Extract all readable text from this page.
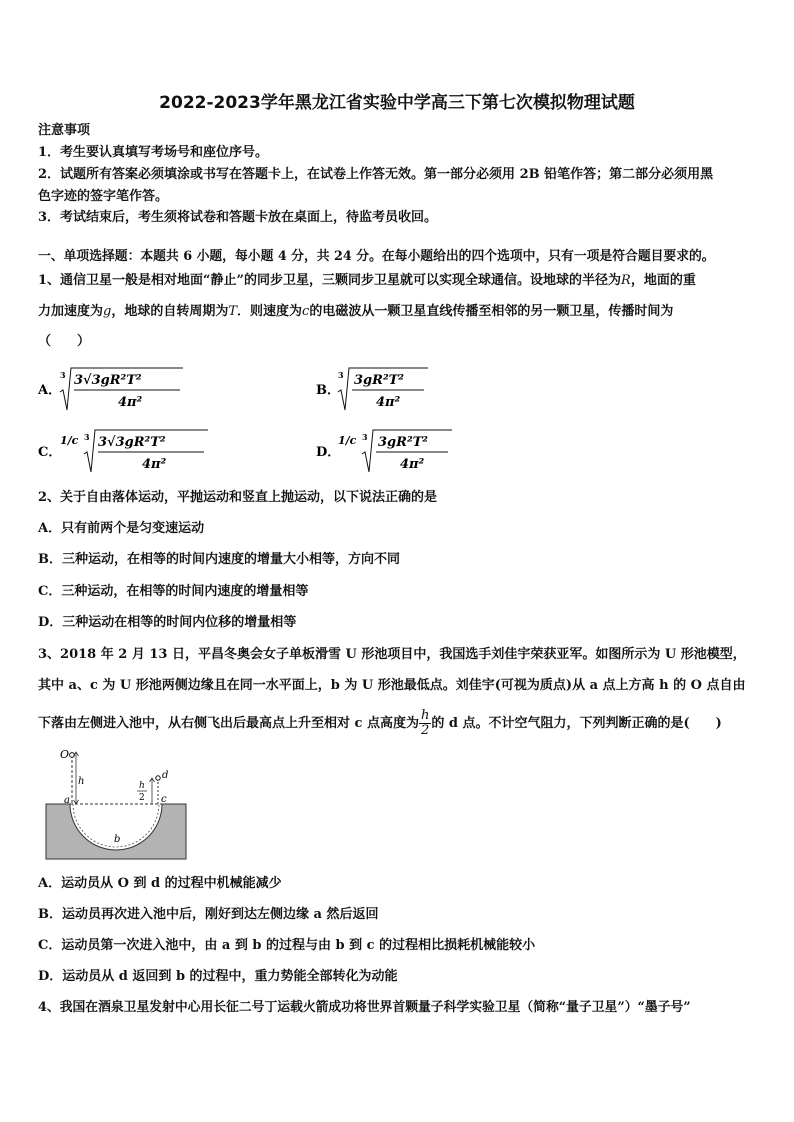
2022-2023学年黑龙江省实验中学高三下第七次模拟物理试题
注意事项
1．考生要认真填写考场号和座位序号。
2．试题所有答案必须填涂或书写在答题卡上，在试卷上作答无效。第一部分必须用 2B 铅笔作答；第二部分必须用黑
色字迹的签字笔作答。
3．考试结束后，考生须将试卷和答题卡放在桌面上，待监考员收回。
一、单项选择题：本题共 6 小题，每小题 4 分，共 24 分。在每小题给出的四个选项中，只有一项是符合题目要求的。
1、通信卫星一般是相对地面“静止”的同步卫星，三颗同步卫星就可以实现全球通信。设地球的半径为R，地面的重
力加速度为g，地球的自转周期为T．则速度为c的电磁波从一颗卫星直线传播至相邻的另一颗卫星，传播时间为
（　　）
A．
3 3√3gR²T²
4π²
B．
3 3gR²T²
4π²
C．
1/c 3 3√3gR²T²
4π²
D．
1/c 3 3gR²T²
4π²
2、关于自由落体运动，平抛运动和竖直上抛运动，以下说法正确的是
A．只有前两个是匀变速运动
B．三种运动，在相等的时间内速度的增量大小相等，方向不同
C．三种运动，在相等的时间内速度的增量相等
D．三种运动在相等的时间内位移的增量相等
3、2018 年 2 月 13 日，平昌冬奥会女子单板滑雪 U 形池项目中，我国选手刘佳宇荣获亚军。如图所示为 U 形池模型，
其中 a、c 为 U 形池两侧边缘且在同一水平面上，b 为 U 形池最低点。刘佳宇(可视为质点)从 a 点上方高 h 的 O 点自由
下落由左侧进入池中，从右侧飞出后最高点上升至相对 c 点高度为 $\frac{h}{2}$ 的 d 点。不计空气阻力，下列判断正确的是(　　)
O
h
a
b
d
c
h
2
A．运动员从 O 到 d 的过程中机械能减少
B．运动员再次进入池中后，刚好到达左侧边缘 a 然后返回
C．运动员第一次进入池中，由 a 到 b 的过程与由 b 到 c 的过程相比损耗机械能较小
D．运动员从 d 返回到 b 的过程中，重力势能全部转化为动能
4、我国在酒泉卫星发射中心用长征二号丁运载火箭成功将世界首颗量子科学实验卫星（简称“量子卫星”）“墨子号”
